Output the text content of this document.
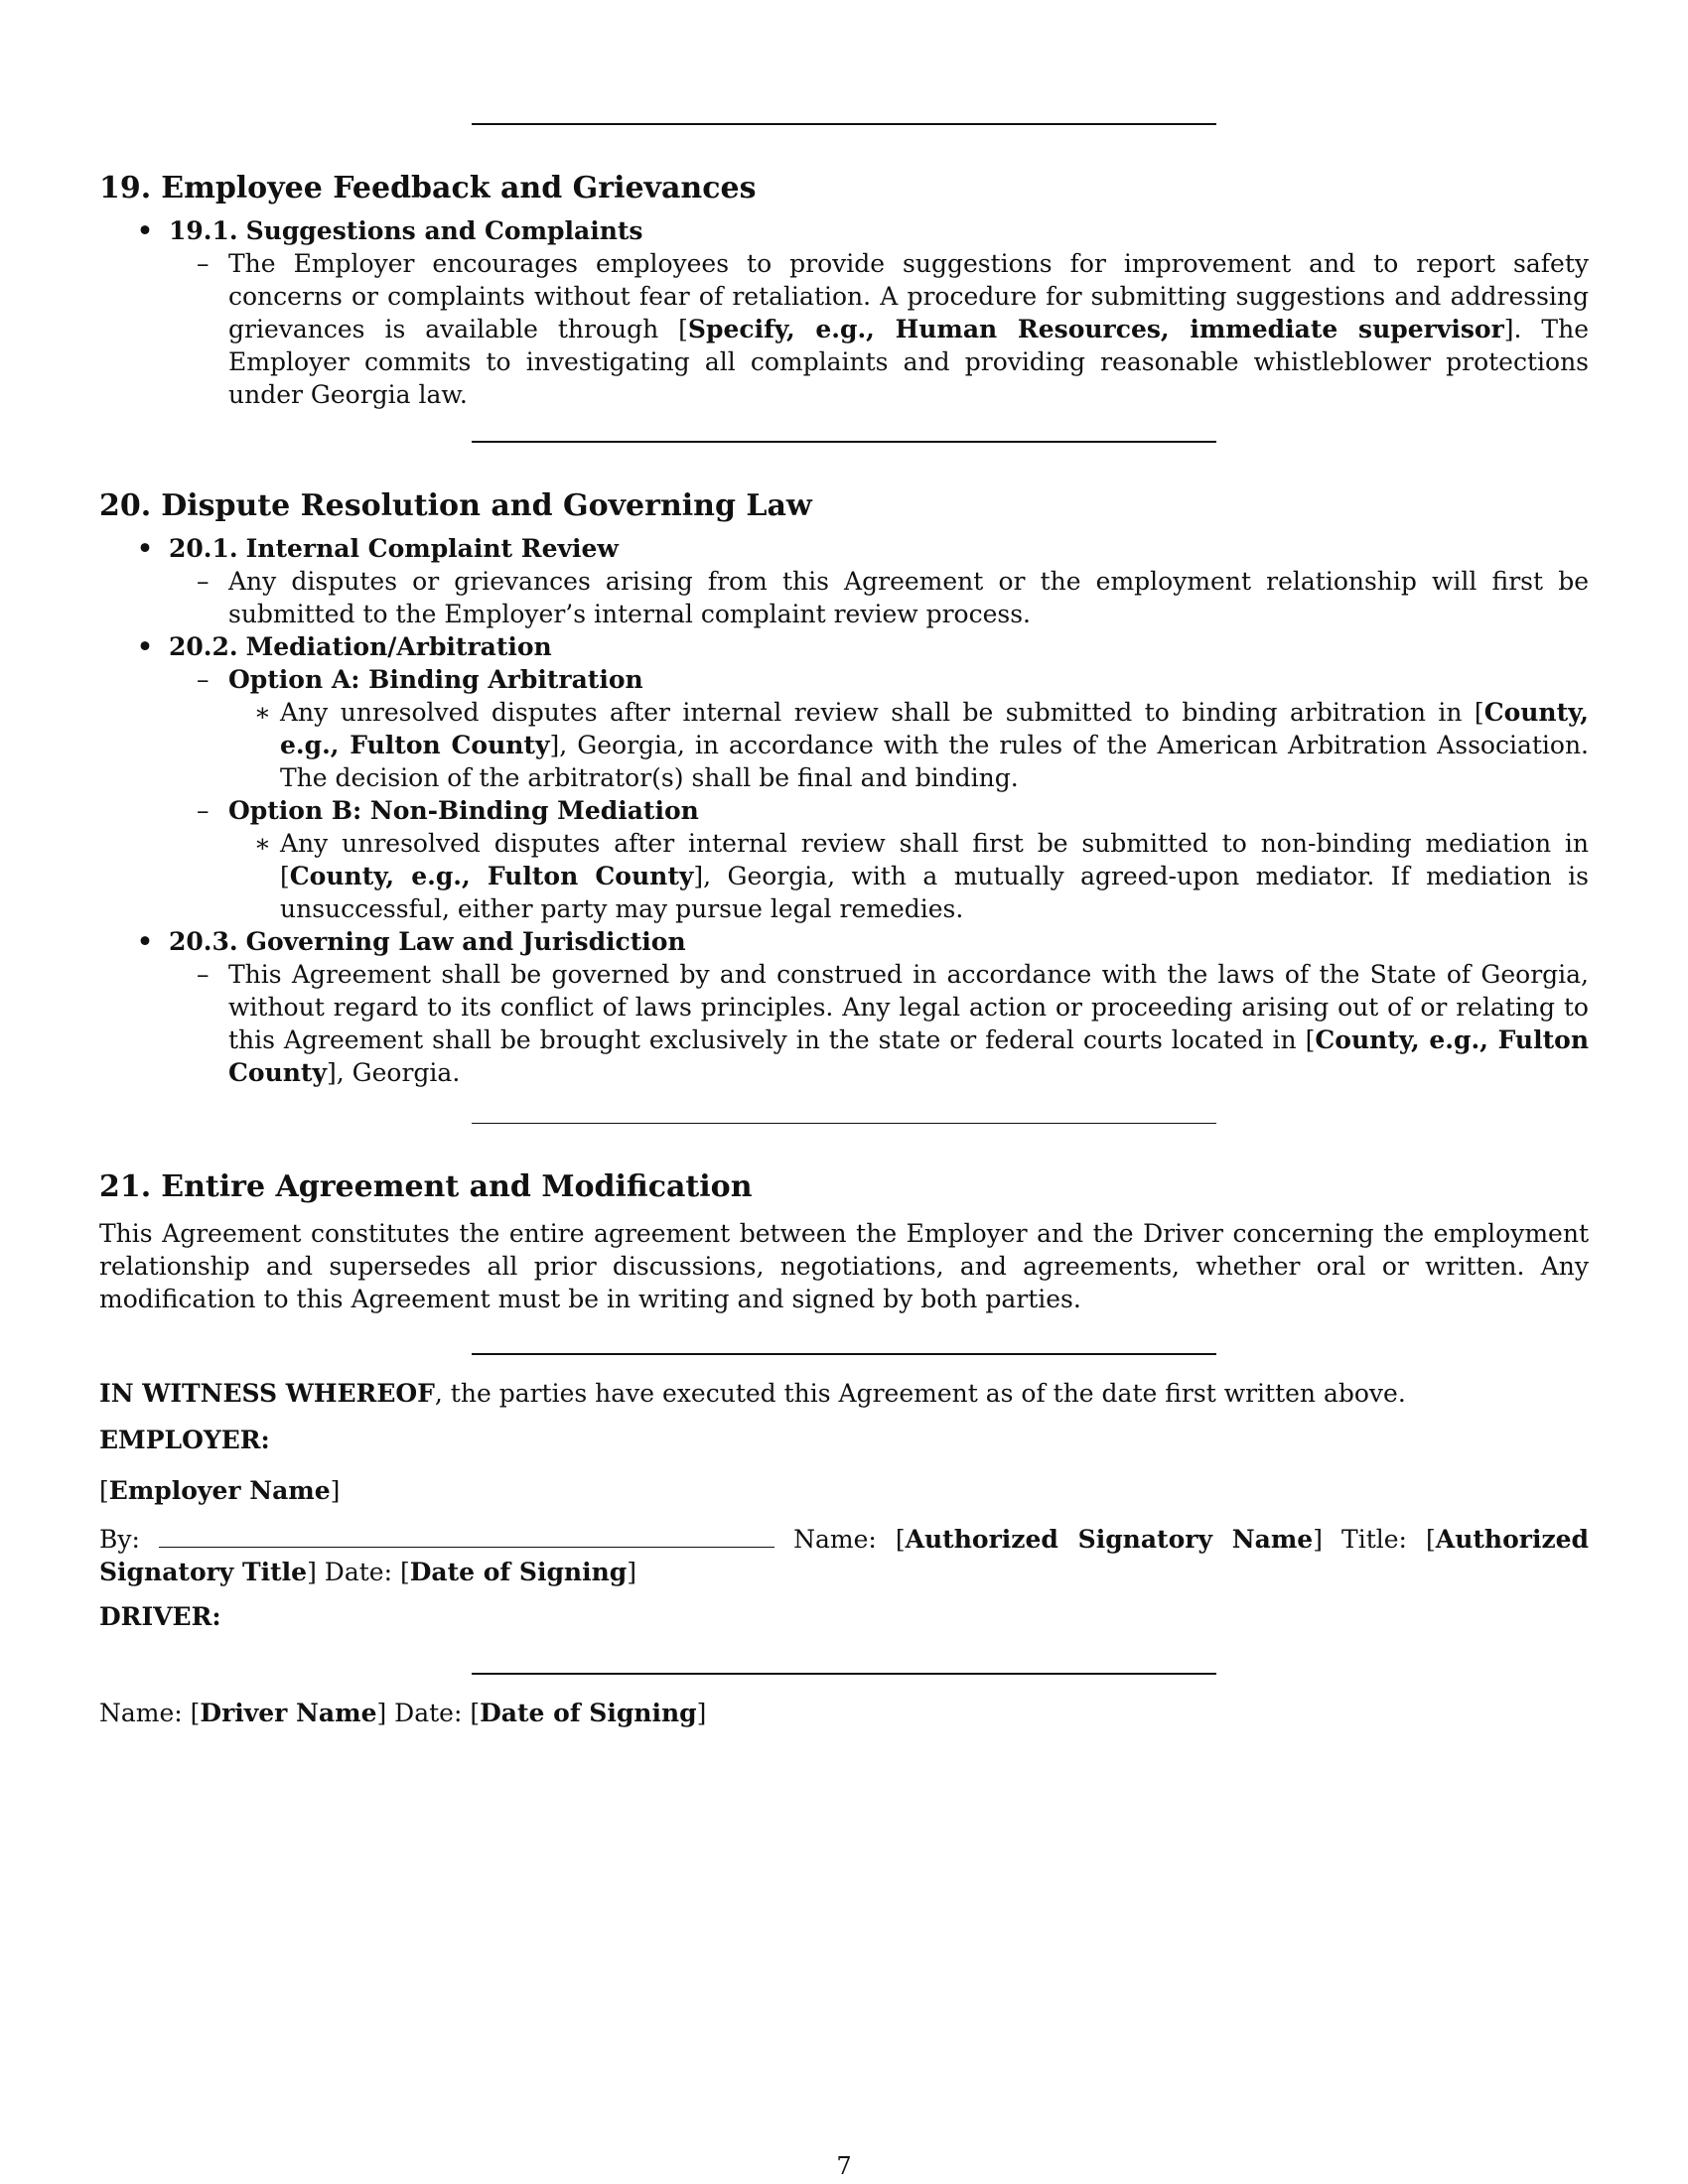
19. Employee Feedback and Grievances
• 19.1. Suggestions and Complaints
– The Employer encourages employees to provide suggestions for improvement and to report safety concerns or complaints without fear of retaliation. A procedure for submitting suggestions and addressing grievances is available through [Specify, e.g., Human Resources, immediate supervisor]. The Employer commits to investigating all complaints and providing reasonable whistleblower protections under Georgia law.
20. Dispute Resolution and Governing Law
• 20.1. Internal Complaint Review
– Any disputes or grievances arising from this Agreement or the employment relationship will first be submitted to the Employer’s internal complaint review process.
• 20.2. Mediation/Arbitration
– Option A: Binding Arbitration
∗ Any unresolved disputes after internal review shall be submitted to binding arbitration in [County, e.g., Fulton County], Georgia, in accordance with the rules of the American Arbitration Association. The decision of the arbitrator(s) shall be final and binding.
– Option B: Non-Binding Mediation
∗ Any unresolved disputes after internal review shall first be submitted to non-binding mediation in [County, e.g., Fulton County], Georgia, with a mutually agreed-upon mediator. If mediation is unsuccessful, either party may pursue legal remedies.
• 20.3. Governing Law and Jurisdiction
– This Agreement shall be governed by and construed in accordance with the laws of the State of Georgia, without regard to its conflict of laws principles. Any legal action or proceeding arising out of or relating to this Agreement shall be brought exclusively in the state or federal courts located in [County, e.g., Fulton County], Georgia.
21. Entire Agreement and Modification

This Agreement constitutes the entire agreement between the Employer and the Driver concerning the employment relationship and supersedes all prior discussions, negotiations, and agreements, whether oral or written. Any modification to this Agreement must be in writing and signed by both parties.

IN WITNESS WHEREOF, the parties have executed this Agreement as of the date first written above.

EMPLOYER:

[Employer Name]

By:	Name: [Authorized Signatory Name] Title: [Authorized Signatory Title] Date: [Date of Signing]

DRIVER:

Name: [Driver Name] Date: [Date of Signing]

7
